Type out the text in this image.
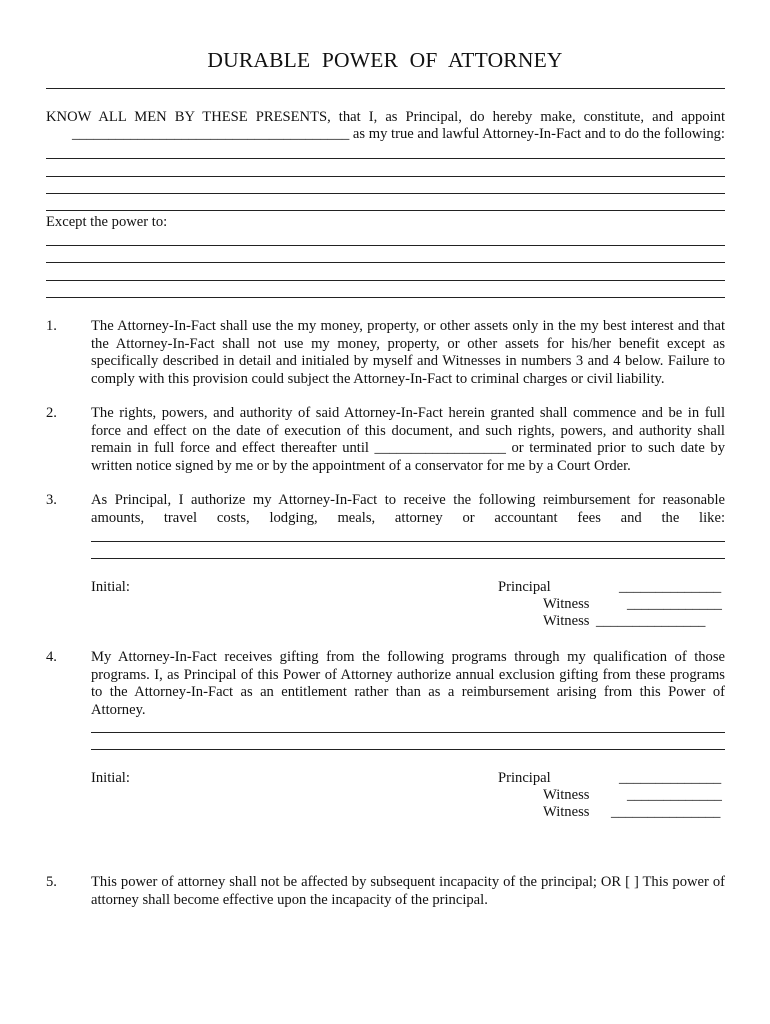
DURABLE POWER OF ATTORNEY
KNOW ALL MEN BY THESE PRESENTS, that I, as Principal, do hereby make, constitute, and appoint
______________________________________ as my true and lawful Attorney-In-Fact and to do the following:
Except the power to:
1. The Attorney-In-Fact shall use the my money, property, or other assets only in the my best interest and that the Attorney-In-Fact shall not use my money, property, or other assets for his/her benefit except as specifically described in detail and initialed by myself and Witnesses in numbers 3 and 4 below. Failure to comply with this provision could subject the Attorney-In-Fact to criminal charges or civil liability.
2. The rights, powers, and authority of said Attorney-In-Fact herein granted shall commence and be in full force and effect on the date of execution of this document, and such rights, powers, and authority shall remain in full force and effect thereafter until __________________ or terminated prior to such date by written notice signed by me or by the appointment of a conservator for me by a Court Order.
3. As Principal, I authorize my Attorney-In-Fact to receive the following reimbursement for reasonable amounts, travel costs, lodging, meals, attorney or accountant fees and the like:
Initial:	Principal	______________
Witness	_____________
Witness _______________
4. My Attorney-In-Fact receives gifting from the following programs through my qualification of those programs. I, as Principal of this Power of Attorney authorize annual exclusion gifting from these programs to the Attorney-In-Fact as an entitlement rather than as a reimbursement arising from this Power of Attorney.
Initial:	Principal	______________
Witness	_____________
Witness _______________
5. This power of attorney shall not be affected by subsequent incapacity of the principal; OR [ ] This power of attorney shall become effective upon the incapacity of the principal.
